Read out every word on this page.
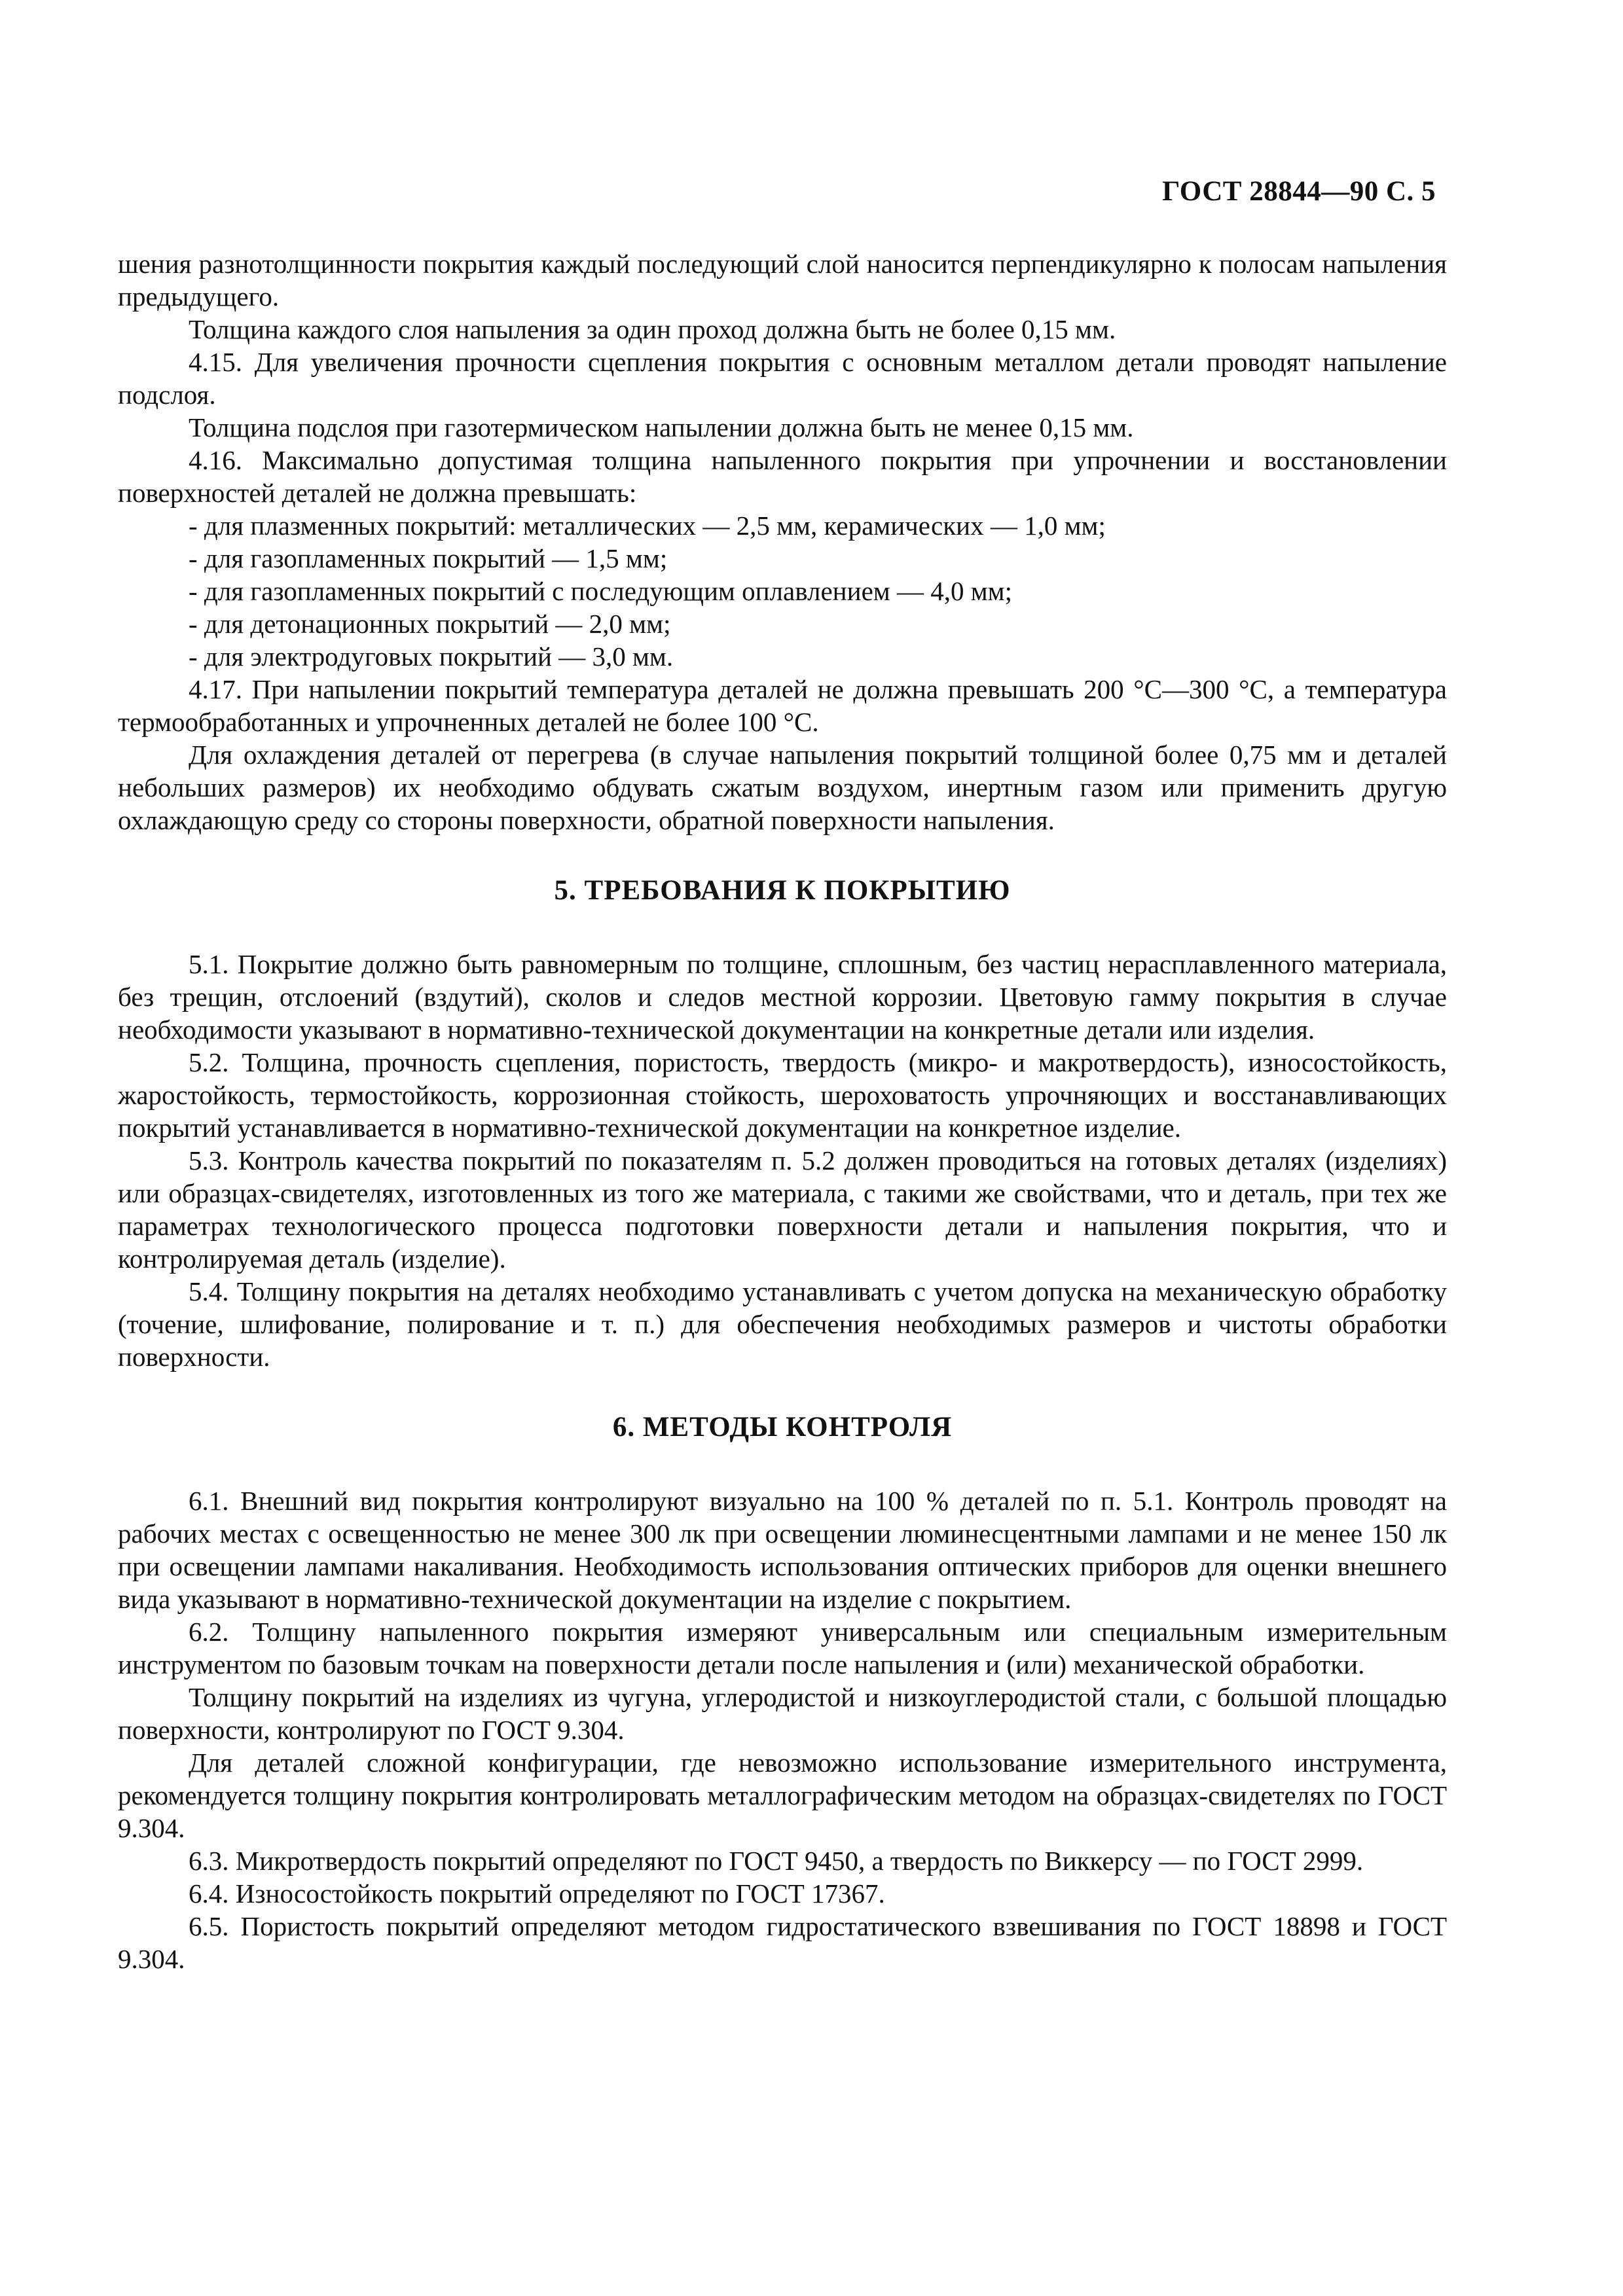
ГОСТ 28844—90 С. 5

шения разнотолщинности покрытия каждый последующий слой наносится перпендикулярно к полосам напыления предыдущего.

Толщина каждого слоя напыления за один проход должна быть не более 0,15 мм.

4.15. Для увеличения прочности сцепления покрытия с основным металлом детали проводят напыление подслоя.

Толщина подслоя при газотермическом напылении должна быть не менее 0,15 мм.

4.16. Максимально допустимая толщина напыленного покрытия при упрочнении и восстановлении поверхностей деталей не должна превышать:

- для плазменных покрытий: металлических — 2,5 мм, керамических — 1,0 мм;

- для газопламенных покрытий — 1,5 мм;

- для газопламенных покрытий с последующим оплавлением — 4,0 мм;

- для детонационных покрытий — 2,0 мм;

- для электродуговых покрытий — 3,0 мм.

4.17. При напылении покрытий температура деталей не должна превышать 200 °C—300 °C, а температура термообработанных и упрочненных деталей не более 100 °C.

Для охлаждения деталей от перегрева (в случае напыления покрытий толщиной более 0,75 мм и деталей небольших размеров) их необходимо обдувать сжатым воздухом, инертным газом или применить другую охлаждающую среду со стороны поверхности, обратной поверхности напыления.

5. ТРЕБОВАНИЯ К ПОКРЫТИЮ

5.1. Покрытие должно быть равномерным по толщине, сплошным, без частиц нерасплавленного материала, без трещин, отслоений (вздутий), сколов и следов местной коррозии. Цветовую гамму покрытия в случае необходимости указывают в нормативно-технической документации на конкретные детали или изделия.

5.2. Толщина, прочность сцепления, пористость, твердость (микро- и макротвердость), износостойкость, жаростойкость, термостойкость, коррозионная стойкость, шероховатость упрочняющих и восстанавливающих покрытий устанавливается в нормативно-технической документации на конкретное изделие.

5.3. Контроль качества покрытий по показателям п. 5.2 должен проводиться на готовых деталях (изделиях) или образцах-свидетелях, изготовленных из того же материала, с такими же свойствами, что и деталь, при тех же параметрах технологического процесса подготовки поверхности детали и напыления покрытия, что и контролируемая деталь (изделие).

5.4. Толщину покрытия на деталях необходимо устанавливать с учетом допуска на механическую обработку (точение, шлифование, полирование и т. п.) для обеспечения необходимых размеров и чистоты обработки поверхности.

6. МЕТОДЫ КОНТРОЛЯ

6.1. Внешний вид покрытия контролируют визуально на 100 % деталей по п. 5.1. Контроль проводят на рабочих местах с освещенностью не менее 300 лк при освещении люминесцентными лампами и не менее 150 лк при освещении лампами накаливания. Необходимость использования оптических приборов для оценки внешнего вида указывают в нормативно-технической документации на изделие с покрытием.

6.2. Толщину напыленного покрытия измеряют универсальным или специальным измерительным инструментом по базовым точкам на поверхности детали после напыления и (или) механической обработки.

Толщину покрытий на изделиях из чугуна, углеродистой и низкоуглеродистой стали, с большой площадью поверхности, контролируют по ГОСТ 9.304.

Для деталей сложной конфигурации, где невозможно использование измерительного инструмента, рекомендуется толщину покрытия контролировать металлографическим методом на образцах-свидетелях по ГОСТ 9.304.

6.3. Микротвердость покрытий определяют по ГОСТ 9450, а твердость по Виккерсу — по ГОСТ 2999.

6.4. Износостойкость покрытий определяют по ГОСТ 17367.

6.5. Пористость покрытий определяют методом гидростатического взвешивания по ГОСТ 18898 и ГОСТ 9.304.
